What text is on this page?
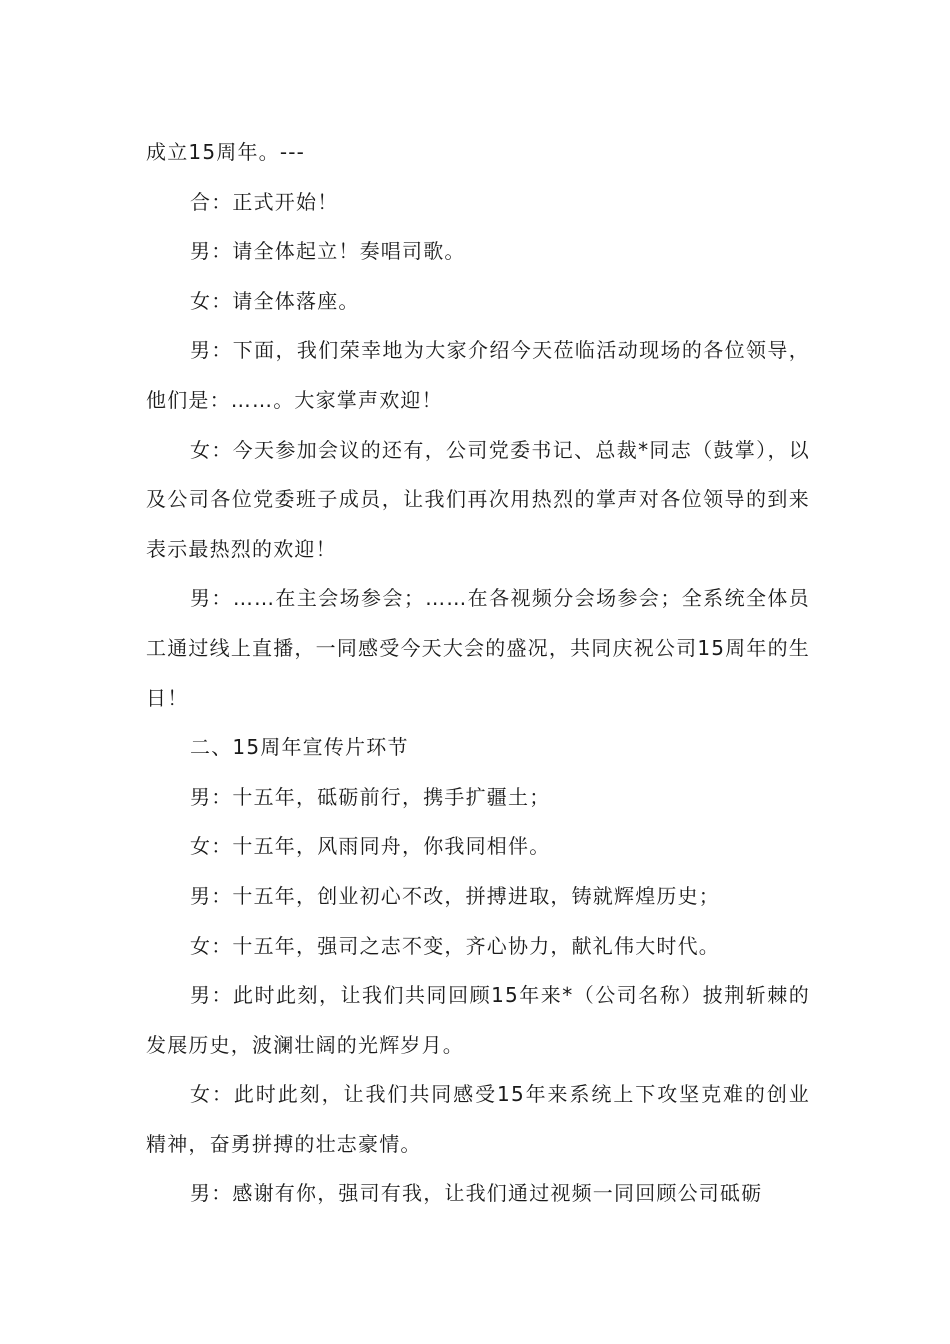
成立15周年。---

合：正式开始！

男：请全体起立！奏唱司歌。

女：请全体落座。

男：下面，我们荣幸地为大家介绍今天莅临活动现场的各位领导，他们是：……。大家掌声欢迎！

女：今天参加会议的还有，公司党委书记、总裁*同志（鼓掌），以及公司各位党委班子成员，让我们再次用热烈的掌声对各位领导的到来表示最热烈的欢迎！

男：……在主会场参会；……在各视频分会场参会；全系统全体员工通过线上直播，一同感受今天大会的盛况，共同庆祝公司15周年的生日！

二、15周年宣传片环节

男：十五年，砥砺前行，携手扩疆土；

女：十五年，风雨同舟，你我同相伴。

男：十五年，创业初心不改，拼搏进取，铸就辉煌历史；

女：十五年，强司之志不变，齐心协力，献礼伟大时代。

男：此时此刻，让我们共同回顾15年来*（公司名称）披荆斩棘的发展历史，波澜壮阔的光辉岁月。

女：此时此刻，让我们共同感受15年来系统上下攻坚克难的创业精神，奋勇拼搏的壮志豪情。

男：感谢有你，强司有我，让我们通过视频一同回顾公司砥砺
